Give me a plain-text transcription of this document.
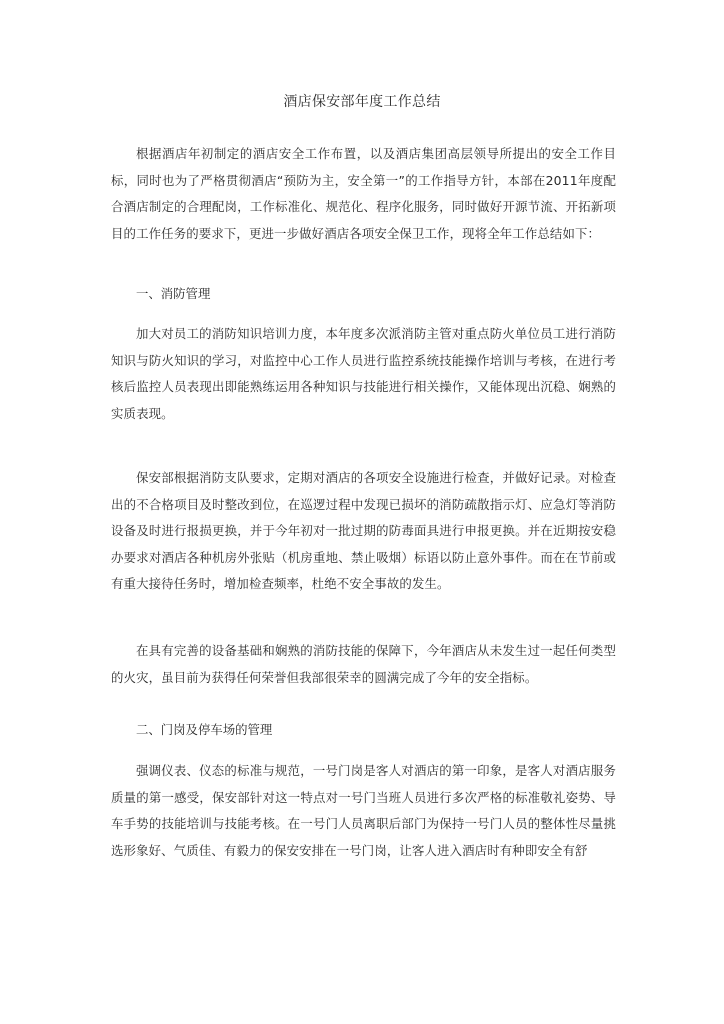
酒店保安部年度工作总结

根据酒店年初制定的酒店安全工作布置，以及酒店集团高层领导所提出的安全工作目标，同时也为了严格贯彻酒店“预防为主，安全第一”的工作指导方针，本部在2011年度配合酒店制定的合理配岗，工作标准化、规范化、程序化服务，同时做好开源节流、开拓新项目的工作任务的要求下，更进一步做好酒店各项安全保卫工作，现将全年工作总结如下：

一、消防管理

加大对员工的消防知识培训力度，本年度多次派消防主管对重点防火单位员工进行消防知识与防火知识的学习，对监控中心工作人员进行监控系统技能操作培训与考核，在进行考核后监控人员表现出即能熟练运用各种知识与技能进行相关操作，又能体现出沉稳、娴熟的实质表现。

保安部根据消防支队要求，定期对酒店的各项安全设施进行检查，并做好记录。对检查出的不合格项目及时整改到位，在巡逻过程中发现已损坏的消防疏散指示灯、应急灯等消防设备及时进行报损更换，并于今年初对一批过期的防毒面具进行申报更换。并在近期按安稳办要求对酒店各种机房外张贴（机房重地、禁止吸烟）标语以防止意外事件。而在在节前或有重大接待任务时，增加检查频率，杜绝不安全事故的发生。

在具有完善的设备基础和娴熟的消防技能的保障下，今年酒店从未发生过一起任何类型的火灾，虽目前为获得任何荣誉但我部很荣幸的圆满完成了今年的安全指标。

二、门岗及停车场的管理

强调仪表、仪态的标准与规范，一号门岗是客人对酒店的第一印象，是客人对酒店服务质量的第一感受，保安部针对这一特点对一号门当班人员进行多次严格的标准敬礼姿势、导车手势的技能培训与技能考核。在一号门人员离职后部门为保持一号门人员的整体性尽量挑选形象好、气质佳、有毅力的保安安排在一号门岗，让客人进入酒店时有种即安全有舒
